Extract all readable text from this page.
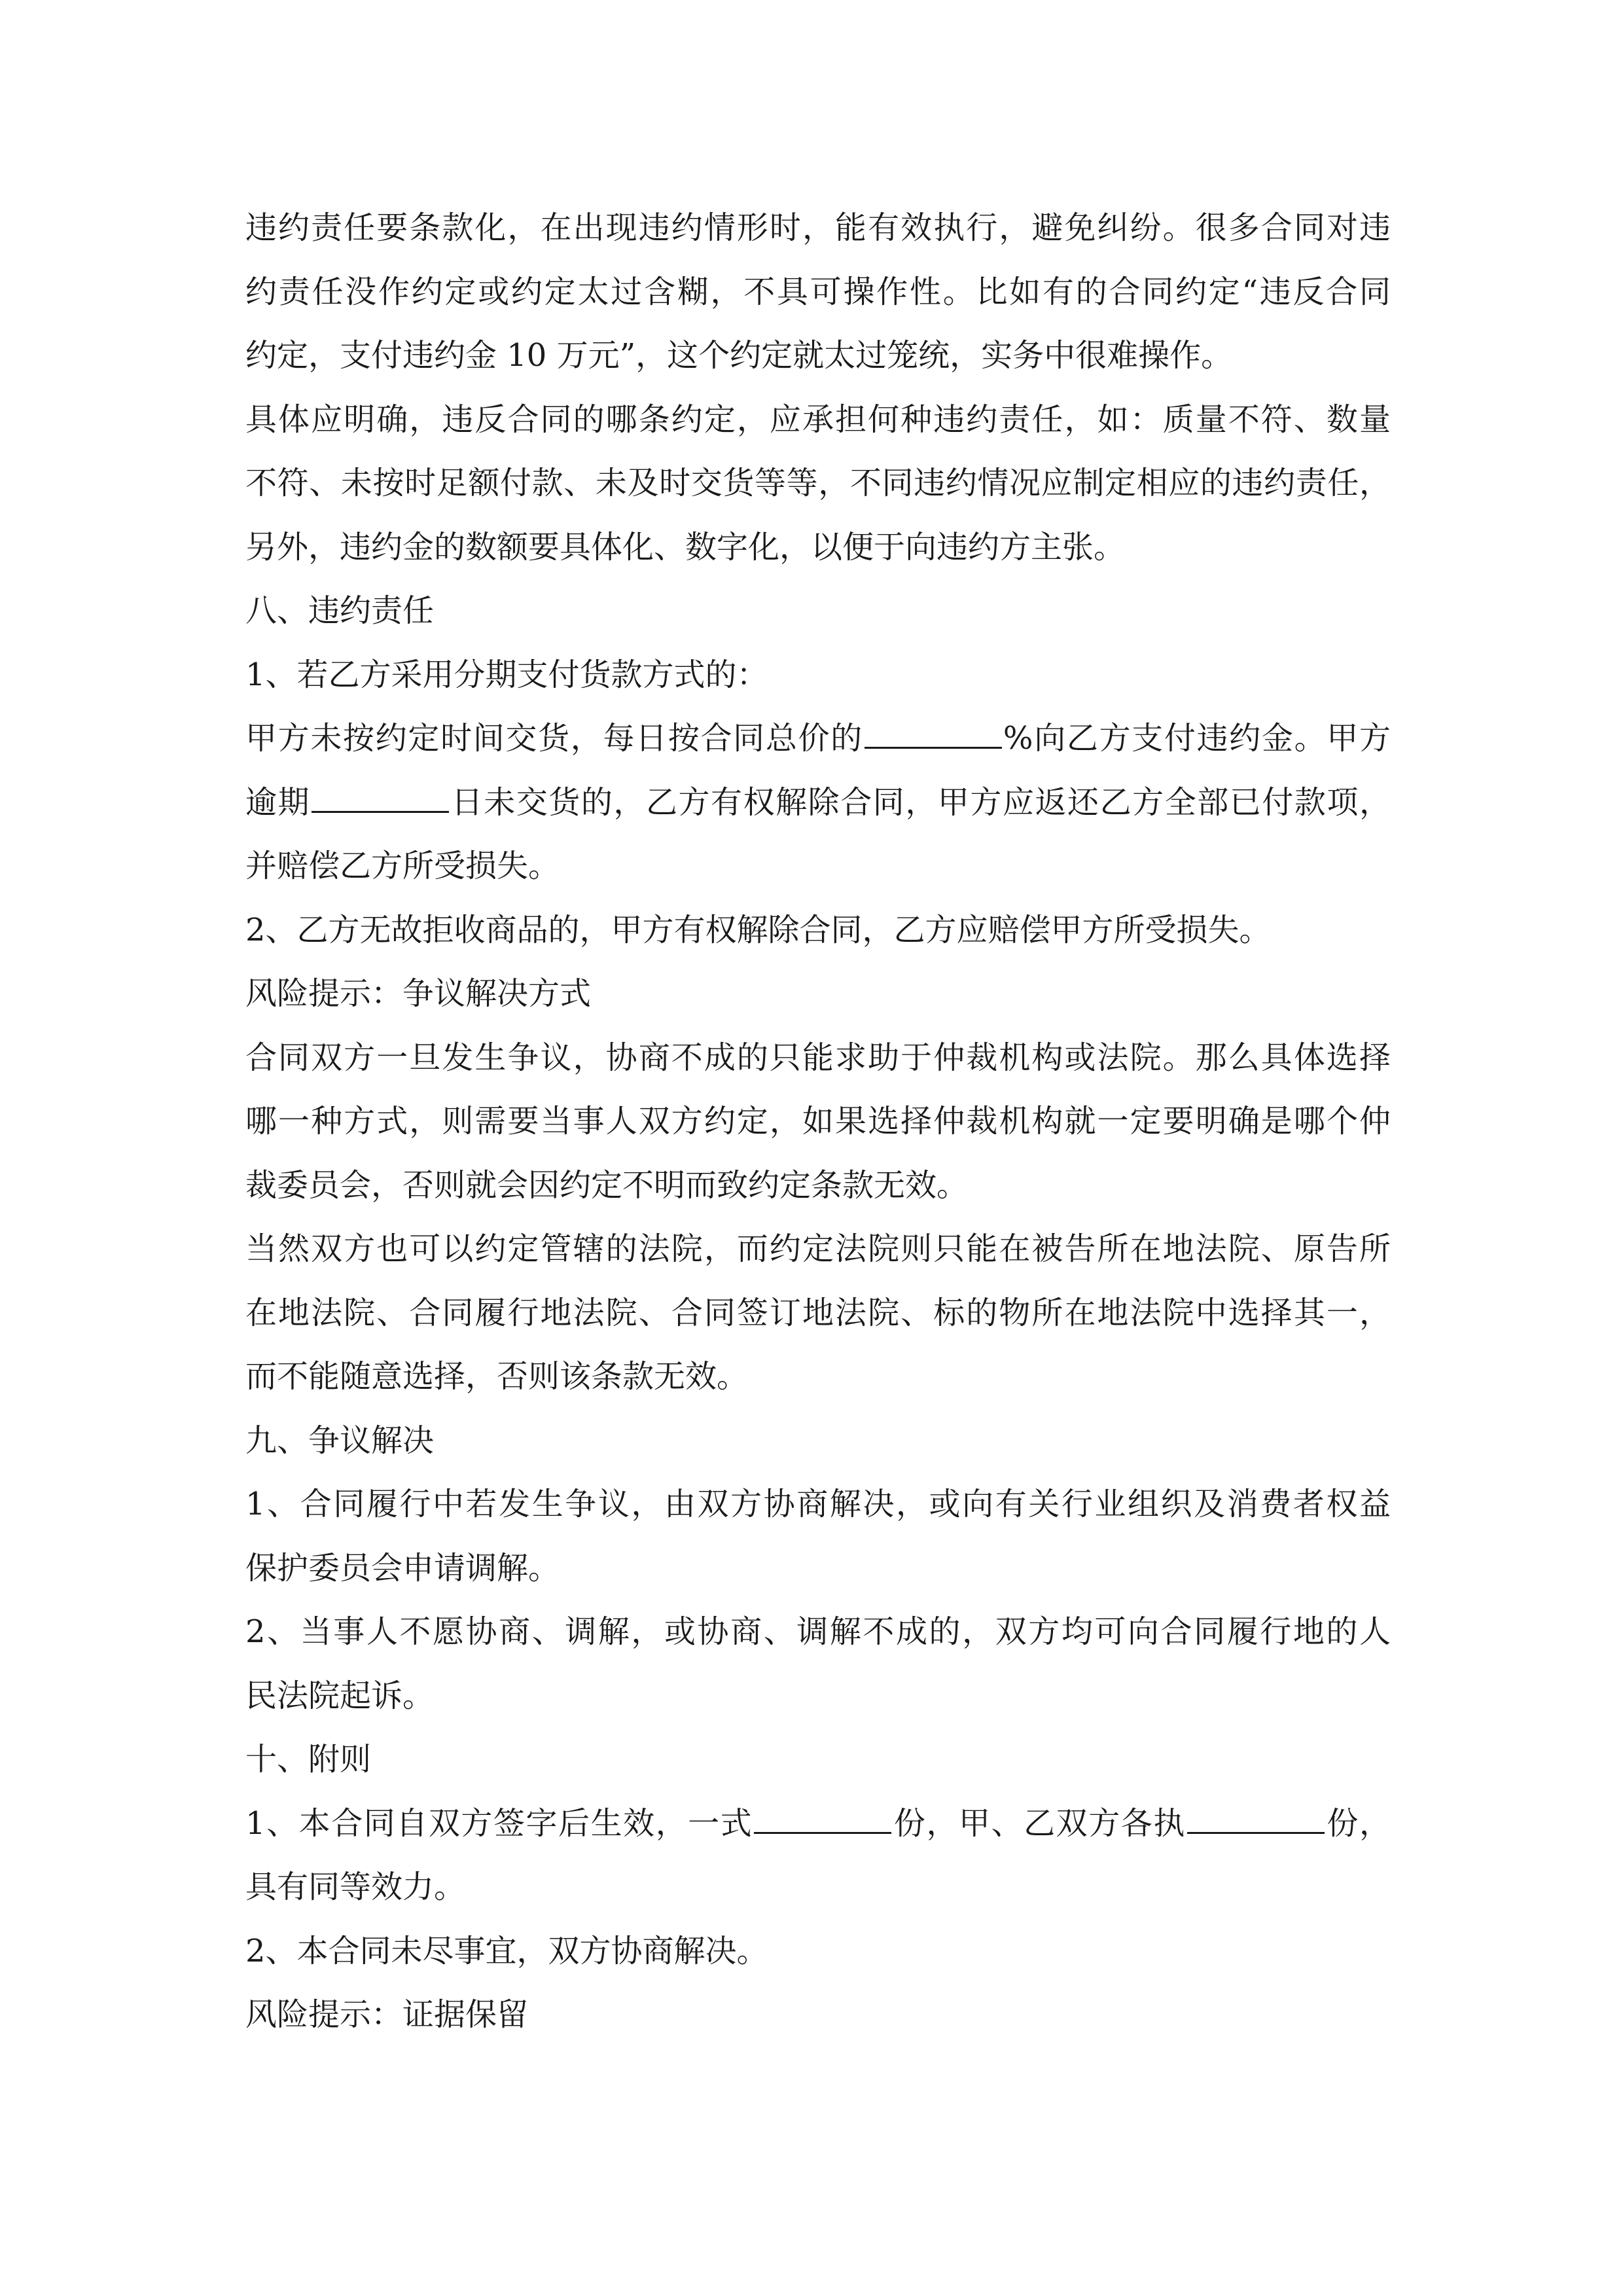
违约责任要条款化，在出现违约情形时，能有效执行，避免纠纷。很多合同对违
约责任没作约定或约定太过含糊，不具可操作性。比如有的合同约定“违反合同
约定，支付违约金 10 万元”，这个约定就太过笼统，实务中很难操作。
具体应明确，违反合同的哪条约定，应承担何种违约责任，如：质量不符、数量
不符、未按时足额付款、未及时交货等等，不同违约情况应制定相应的违约责任，
另外，违约金的数额要具体化、数字化，以便于向违约方主张。
八、违约责任
1、若乙方采用分期支付货款方式的：
甲方未按约定时间交货，每日按合同总价的	%向乙方支付违约金。甲方
逾期	日未交货的，乙方有权解除合同，甲方应返还乙方全部已付款项，
并赔偿乙方所受损失。
2、乙方无故拒收商品的，甲方有权解除合同，乙方应赔偿甲方所受损失。
风险提示：争议解决方式
合同双方一旦发生争议，协商不成的只能求助于仲裁机构或法院。那么具体选择
哪一种方式，则需要当事人双方约定，如果选择仲裁机构就一定要明确是哪个仲
裁委员会，否则就会因约定不明而致约定条款无效。
当然双方也可以约定管辖的法院，而约定法院则只能在被告所在地法院、原告所
在地法院、合同履行地法院、合同签订地法院、标的物所在地法院中选择其一，
而不能随意选择，否则该条款无效。
九、争议解决
1、合同履行中若发生争议，由双方协商解决，或向有关行业组织及消费者权益
保护委员会申请调解。
2、当事人不愿协商、调解，或协商、调解不成的，双方均可向合同履行地的人
民法院起诉。
十、附则
1、本合同自双方签字后生效，一式	份，甲、乙双方各执	份，
具有同等效力。
2、本合同未尽事宜，双方协商解决。
风险提示：证据保留
